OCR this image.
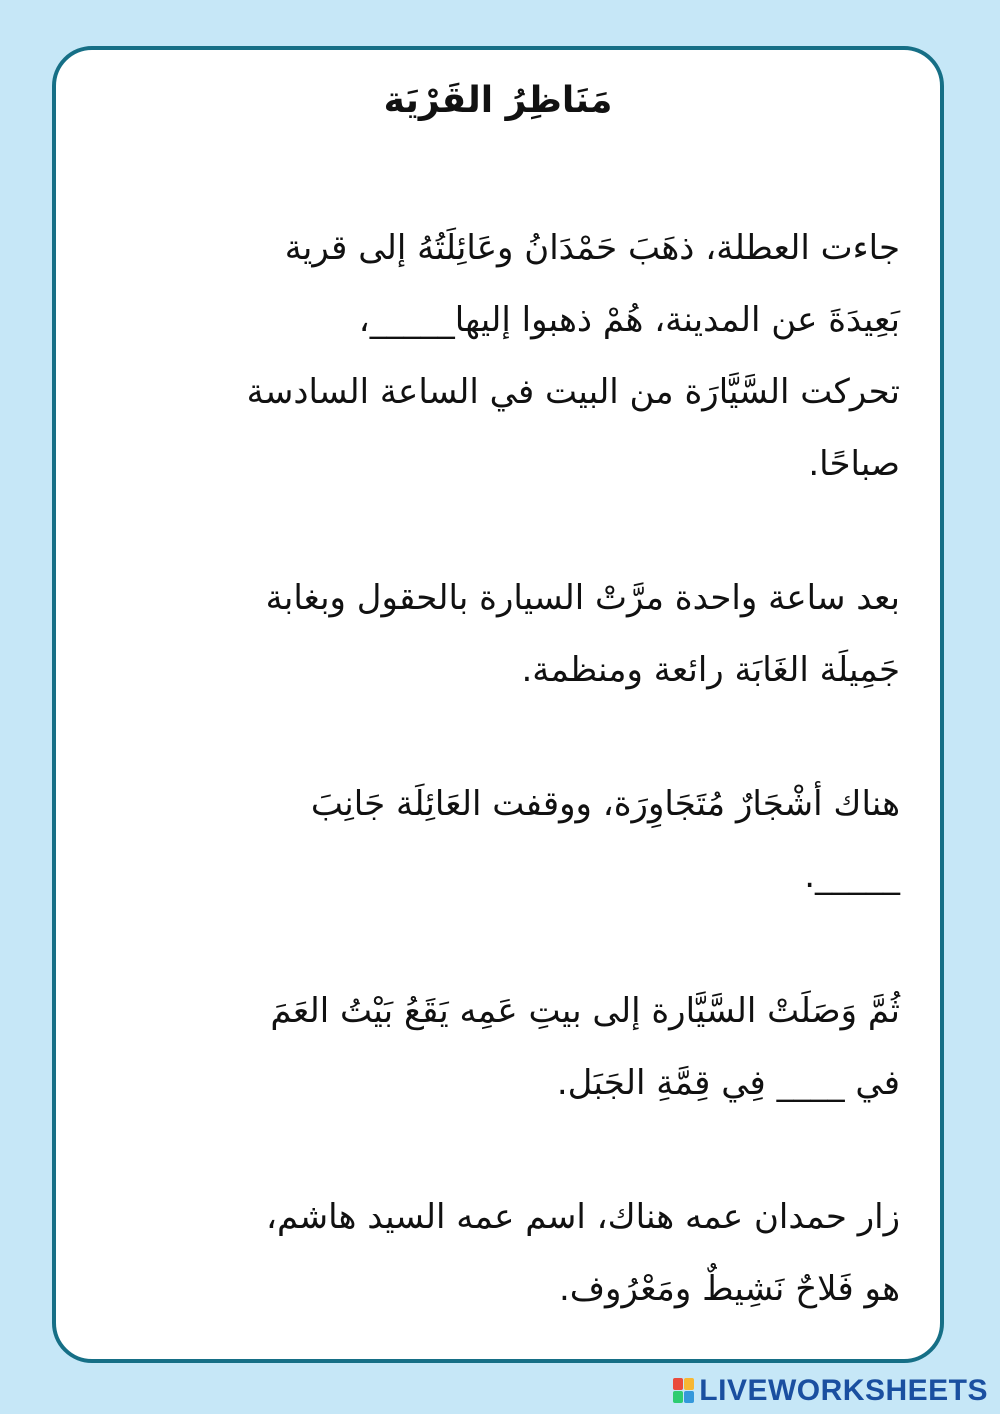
مَنَاظِرُ القَرْيَة
جاءت العطلة، ذهَبَ حَمْدَانُ وعَائِلَتُهُ إلى قرية
بَعِيدَةَ عن المدينة، هُمْ ذهبوا إليها_____،
تحركت السَّيَّارَة من البيت في الساعة السادسة
صباحًا.
بعد ساعة واحدة مرَّتْ السيارة بالحقول وبغابة
جَمِيلَة الغَابَة رائعة ومنظمة.
هناك أشْجَارٌ مُتَجَاوِرَة، ووقفت العَائِلَة جَانِبَ
_____.
ثُمَّ وَصَلَتْ السَّيَّارة إلى بيتِ عَمِه يَقَعُ بَيْتُ العَمَ
في ____ فِي قِمَّةِ الجَبَل.
زار حمدان عمه هناك، اسم عمه السيد هاشم،
هو فَلاحٌ نَشِيطٌ ومَعْرُوف.
LIVEWORKSHEETS
